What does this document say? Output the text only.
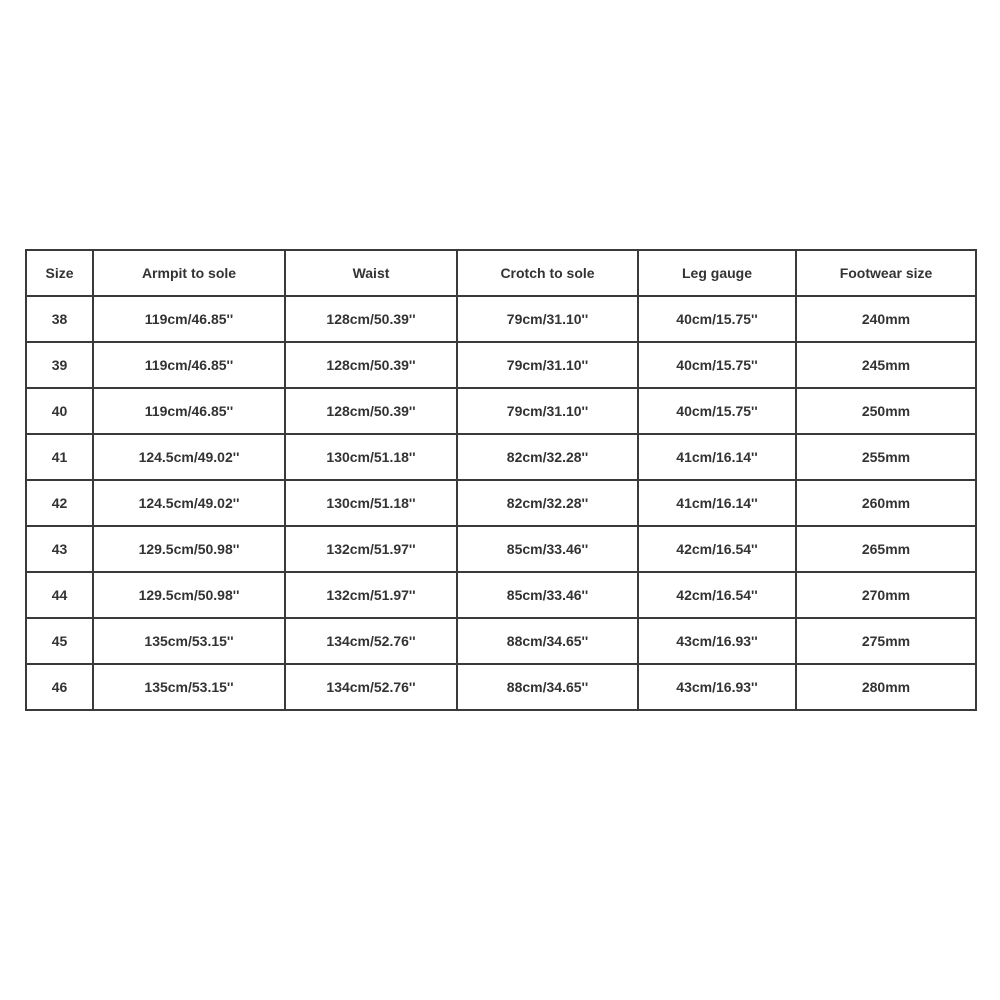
Size	Armpit to sole	Waist	Crotch to sole	Leg gauge	Footwear size
38	119cm/46.85''	128cm/50.39''	79cm/31.10''	40cm/15.75''	240mm
39	119cm/46.85''	128cm/50.39''	79cm/31.10''	40cm/15.75''	245mm
40	119cm/46.85''	128cm/50.39''	79cm/31.10''	40cm/15.75''	250mm
41	124.5cm/49.02''	130cm/51.18''	82cm/32.28''	41cm/16.14''	255mm
42	124.5cm/49.02''	130cm/51.18''	82cm/32.28''	41cm/16.14''	260mm
43	129.5cm/50.98''	132cm/51.97''	85cm/33.46''	42cm/16.54''	265mm
44	129.5cm/50.98''	132cm/51.97''	85cm/33.46''	42cm/16.54''	270mm
45	135cm/53.15''	134cm/52.76''	88cm/34.65''	43cm/16.93''	275mm
46	135cm/53.15''	134cm/52.76''	88cm/34.65''	43cm/16.93''	280mm
